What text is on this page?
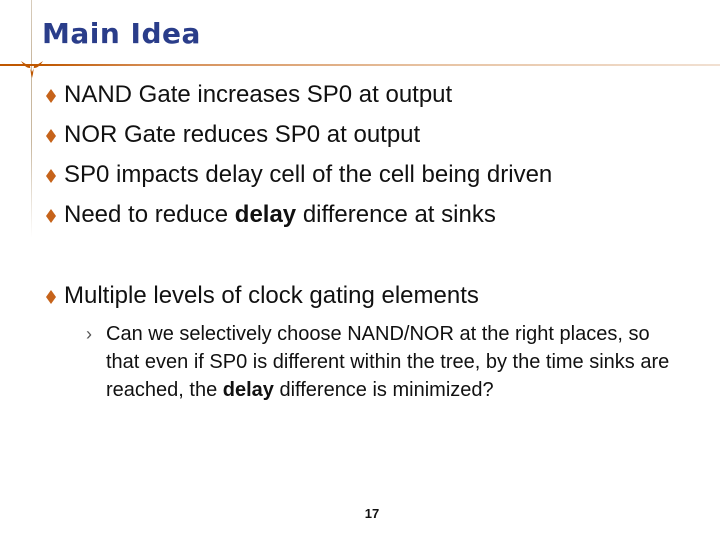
Main Idea
NAND Gate increases SP0 at output
NOR Gate reduces SP0 at output
SP0 impacts delay cell of the cell being driven
Need to reduce delay difference at sinks
Multiple levels of clock gating elements
› Can we selectively choose NAND/NOR at the right places, so that even if SP0 is different within the tree, by the time sinks are reached, the delay difference is minimized?
17
